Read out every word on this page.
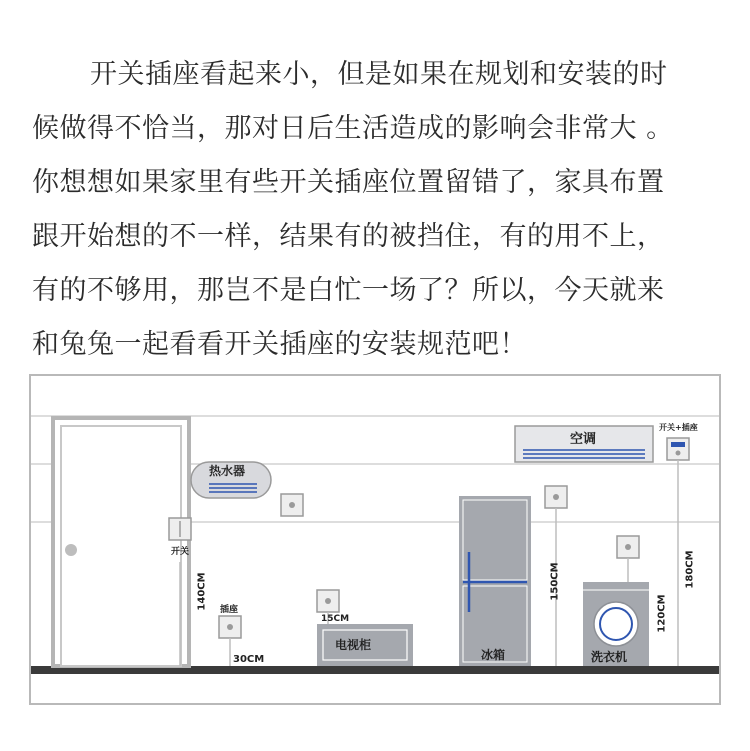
开关插座看起来小，但是如果在规划和安装的时
候做得不恰当，那对日后生活造成的影响会非常大 。
你想想如果家里有些开关插座位置留错了，家具布置
跟开始想的不一样，结果有的被挡住，有的用不上，
有的不够用，那岂不是白忙一场了？所以，今天就来
和兔兔一起看看开关插座的安装规范吧！
热水器
开关
插座
电视柜
冰箱	洗衣机
空调
开关+插座
140CM
30CM
15CM
150CM
120CM
180CM
